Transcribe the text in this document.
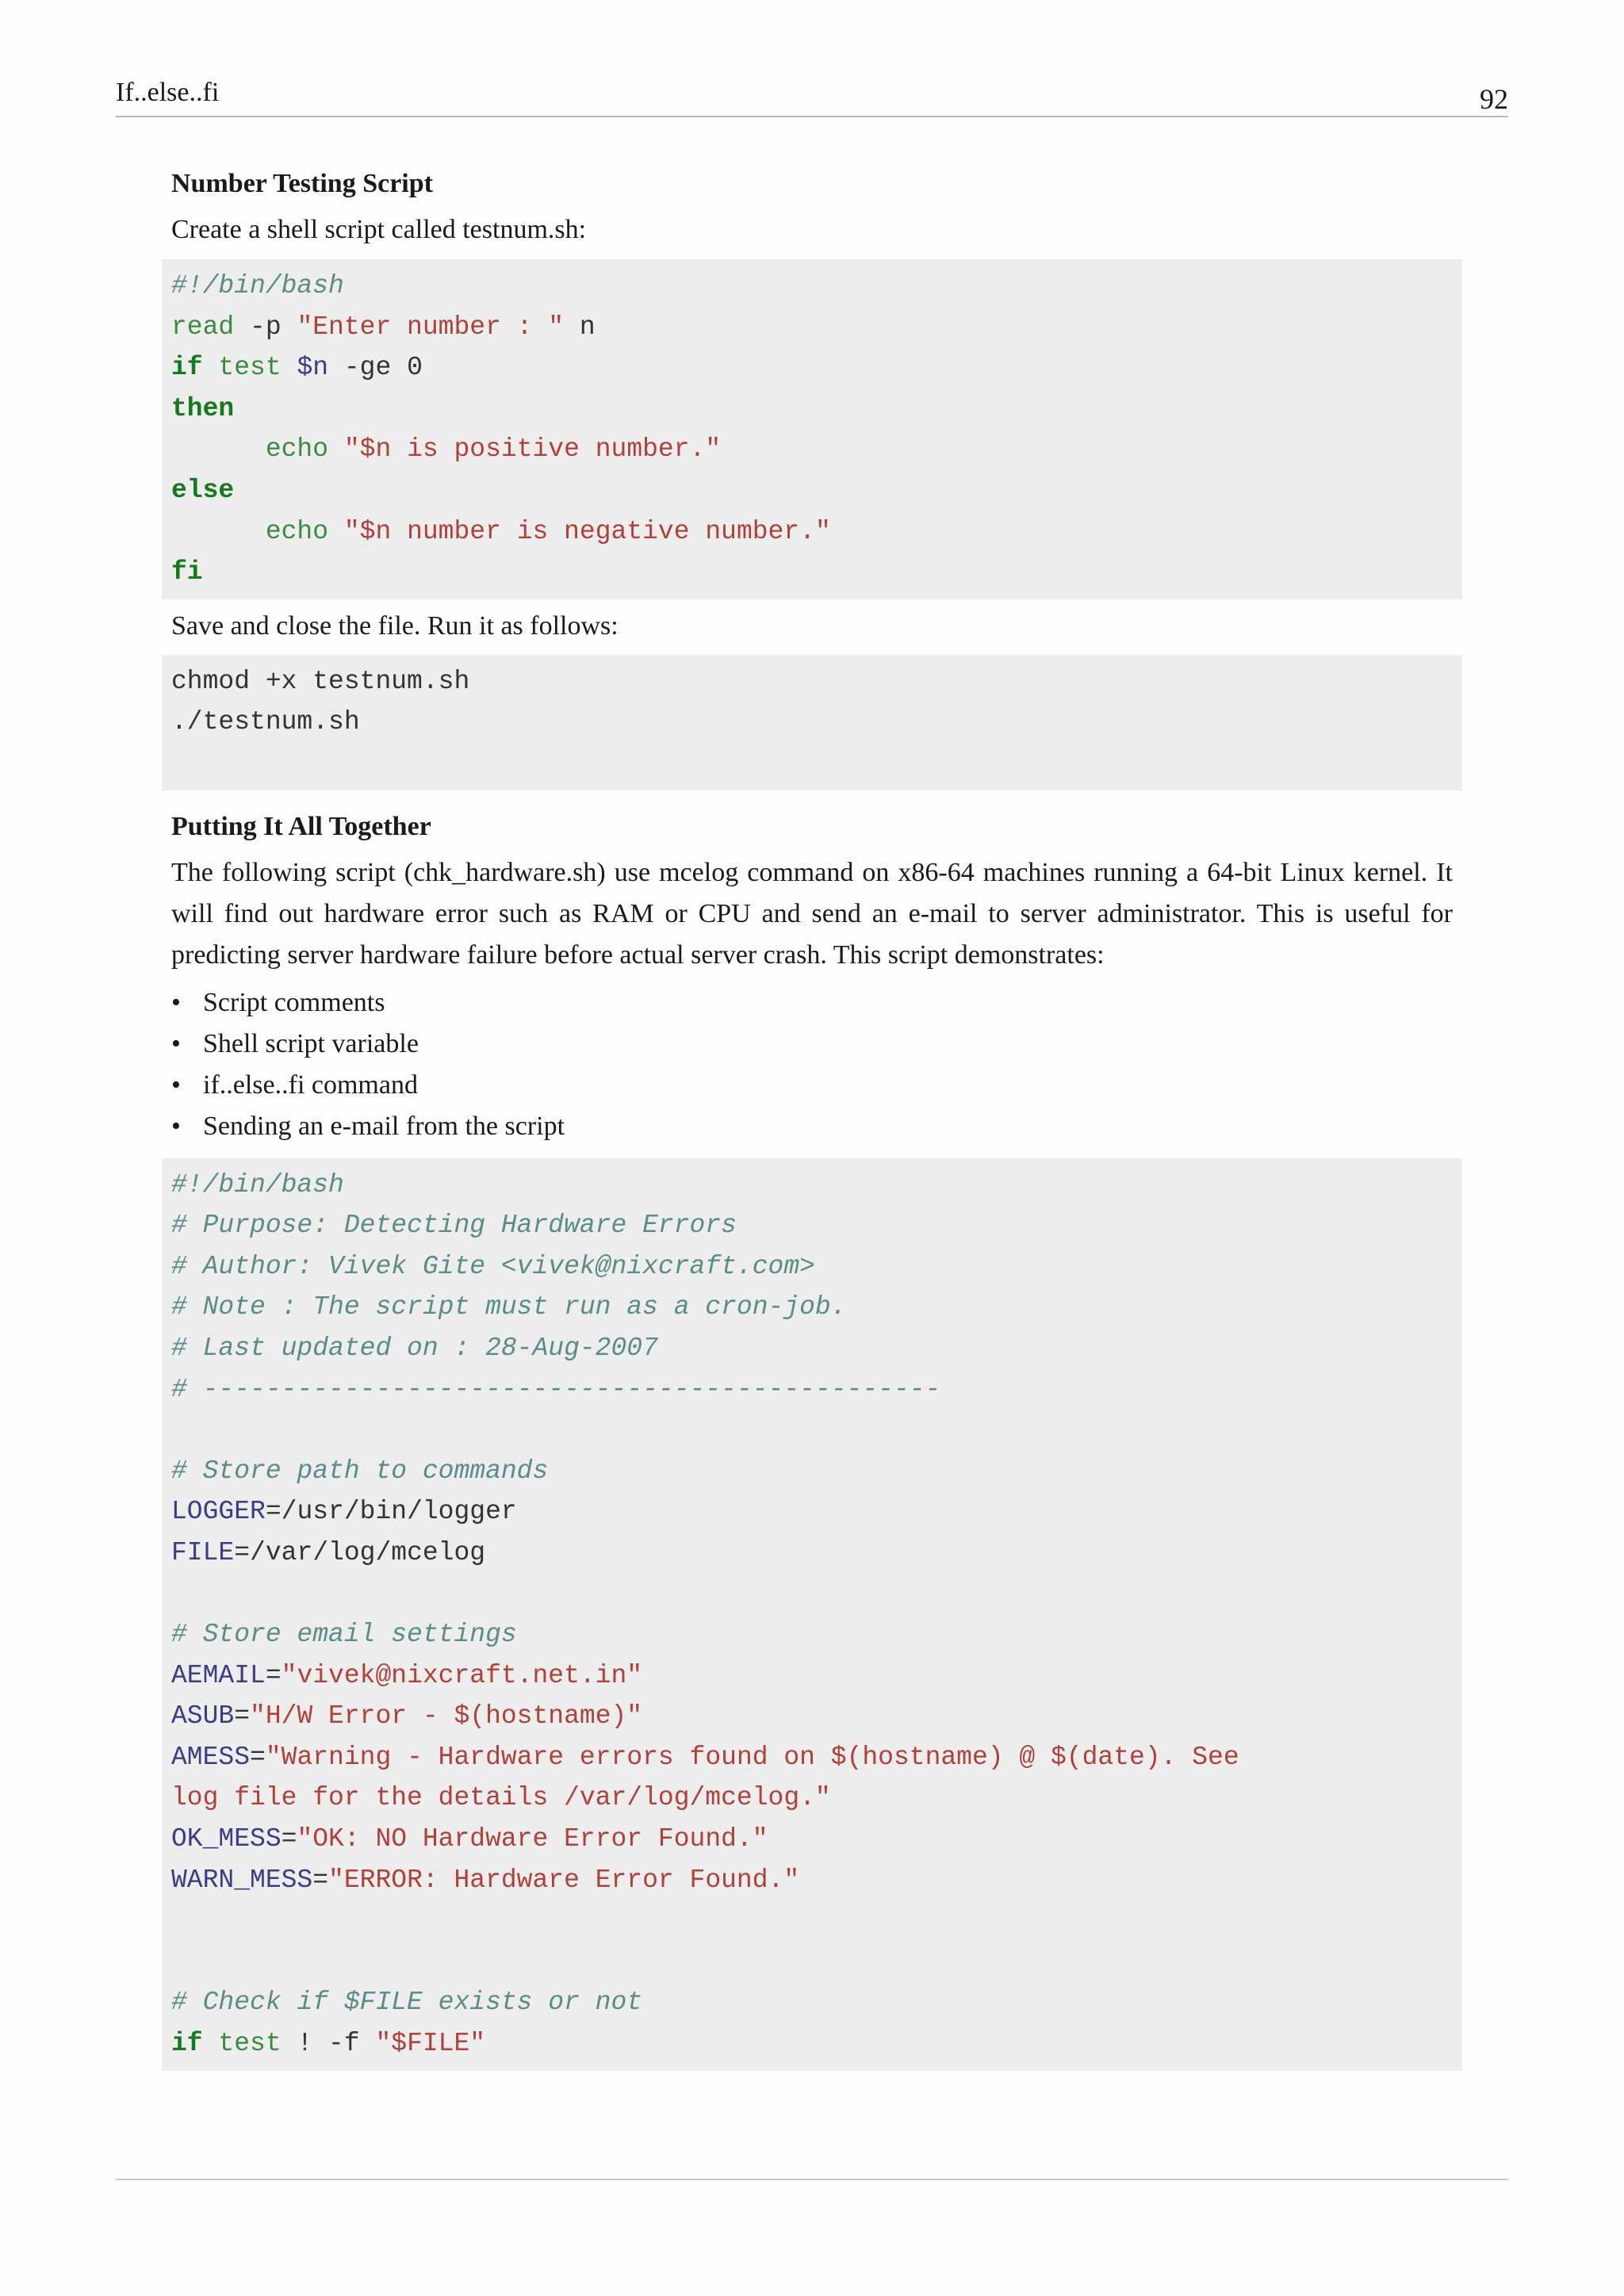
If..else..fi	92

Number Testing Script

Create a shell script called testnum.sh:

#!/bin/bash
read -p "Enter number : " n
if test $n -ge 0
then
echo "$n is positive number."
else
echo "$n number is negative number."
fi

Save and close the file. Run it as follows:

chmod +x testnum.sh
./testnum.sh

Putting It All Together

The following script (chk_hardware.sh) use mcelog command on x86-64 machines running a 64-bit Linux kernel. It will find out hardware error such as RAM or CPU and send an e-mail to server administrator. This is useful for predicting server hardware failure before actual server crash. This script demonstrates:

• Script comments
• Shell script variable
• if..else..fi command
• Sending an e-mail from the script
#!/bin/bash
# Purpose: Detecting Hardware Errors
# Author: Vivek Gite <vivek@nixcraft.com>
# Note : The script must run as a cron-job.
# Last updated on : 28-Aug-2007
# -----------------------------------------------
# Store path to commands
LOGGER=/usr/bin/logger
FILE=/var/log/mcelog
# Store email settings
AEMAIL="vivek@nixcraft.net.in"
ASUB="H/W Error - $(hostname)"
AMESS="Warning - Hardware errors found on $(hostname) @ $(date). See
log file for the details /var/log/mcelog."
OK_MESS="OK: NO Hardware Error Found."
WARN_MESS="ERROR: Hardware Error Found."
# Check if $FILE exists or not
if test ! -f "$FILE"
